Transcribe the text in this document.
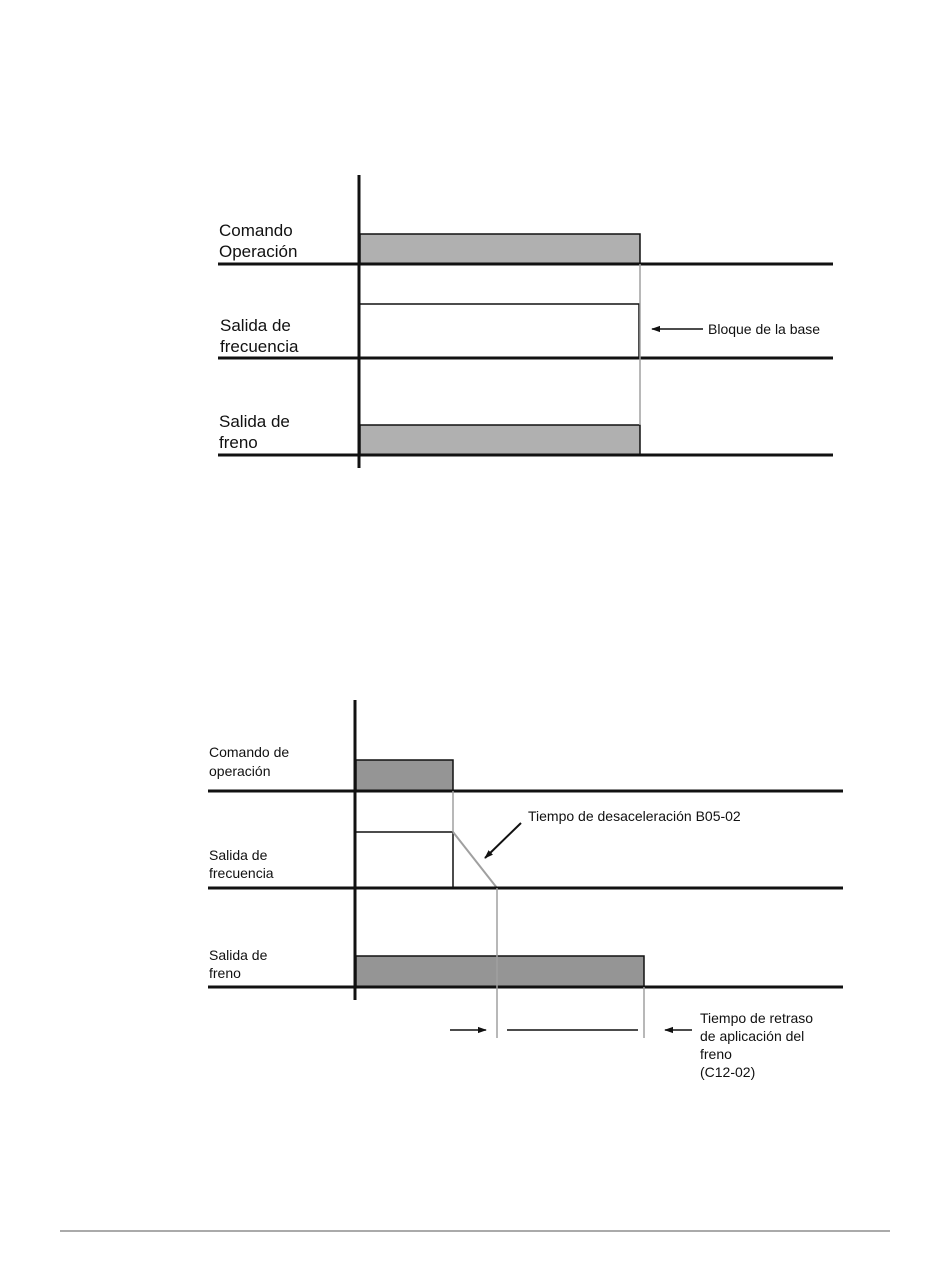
Comando Operación
Salida de frecuencia
Bloque de la base
Salida de freno
Comando de operación
Salida de frecuencia
Tiempo de desaceleración B05-02
Salida de freno
Tiempo de retraso de aplicación del freno (C12-02)
